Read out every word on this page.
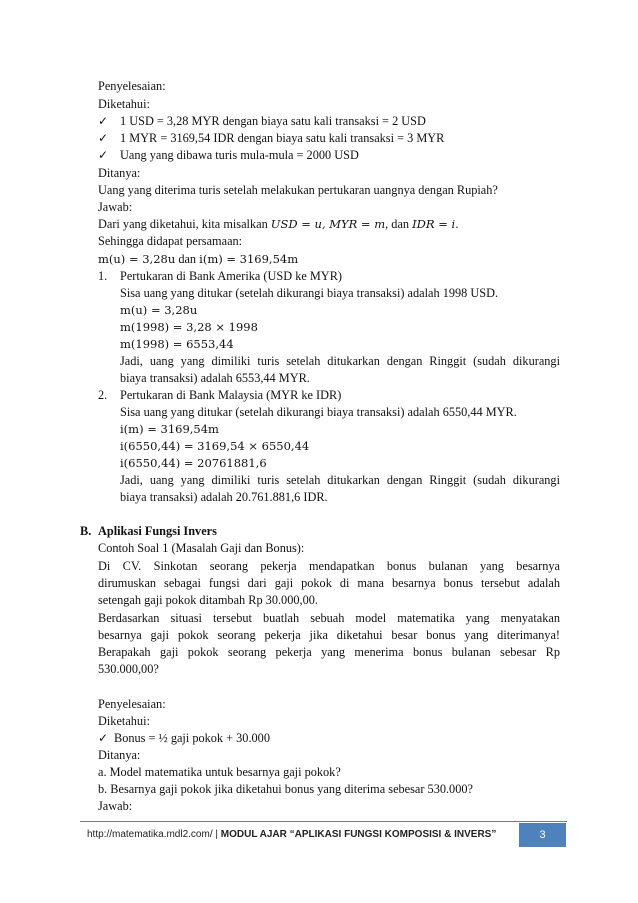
Penyelesaian:
Diketahui:
✓ 1 USD = 3,28 MYR dengan biaya satu kali transaksi = 2 USD
✓ 1 MYR = 3169,54 IDR dengan biaya satu kali transaksi = 3 MYR
✓ Uang yang dibawa turis mula-mula = 2000 USD
Ditanya:
Uang yang diterima turis setelah melakukan pertukaran uangnya dengan Rupiah?
Jawab:
Dari yang diketahui, kita misalkan USD = u, MYR = m, dan IDR = i.
Sehingga didapat persamaan:
m(u) = 3,28u dan i(m) = 3169,54m
1. Pertukaran di Bank Amerika (USD ke MYR)
Sisa uang yang ditukar (setelah dikurangi biaya transaksi) adalah 1998 USD.
m(u) = 3,28u
m(1998) = 3,28 × 1998
m(1998) = 6553,44
Jadi, uang yang dimiliki turis setelah ditukarkan dengan Ringgit (sudah dikurangi
biaya transaksi) adalah 6553,44 MYR.
2. Pertukaran di Bank Malaysia (MYR ke IDR)
Sisa uang yang ditukar (setelah dikurangi biaya transaksi) adalah 6550,44 MYR.
i(m) = 3169,54m
i(6550,44) = 3169,54 × 6550,44
i(6550,44) = 20761881,6
Jadi, uang yang dimiliki turis setelah ditukarkan dengan Ringgit (sudah dikurangi
biaya transaksi) adalah 20.761.881,6 IDR.
B. Aplikasi Fungsi Invers
Contoh Soal 1 (Masalah Gaji dan Bonus):
Di CV. Sinkotan seorang pekerja mendapatkan bonus bulanan yang besarnya
dirumuskan sebagai fungsi dari gaji pokok di mana besarnya bonus tersebut adalah
setengah gaji pokok ditambah Rp 30.000,00.
Berdasarkan situasi tersebut buatlah sebuah model matematika yang menyatakan
besarnya gaji pokok seorang pekerja jika diketahui besar bonus yang diterimanya!
Berapakah gaji pokok seorang pekerja yang menerima bonus bulanan sebesar Rp
530.000,00?
Penyelesaian:
Diketahui:
✓ Bonus = ½ gaji pokok + 30.000
Ditanya:
a. Model matematika untuk besarnya gaji pokok?
b. Besarnya gaji pokok jika diketahui bonus yang diterima sebesar 530.000?
Jawab:
http://matematika.mdl2.com/ | MODUL AJAR “APLIKASI FUNGSI KOMPOSISI & INVERS”	3
